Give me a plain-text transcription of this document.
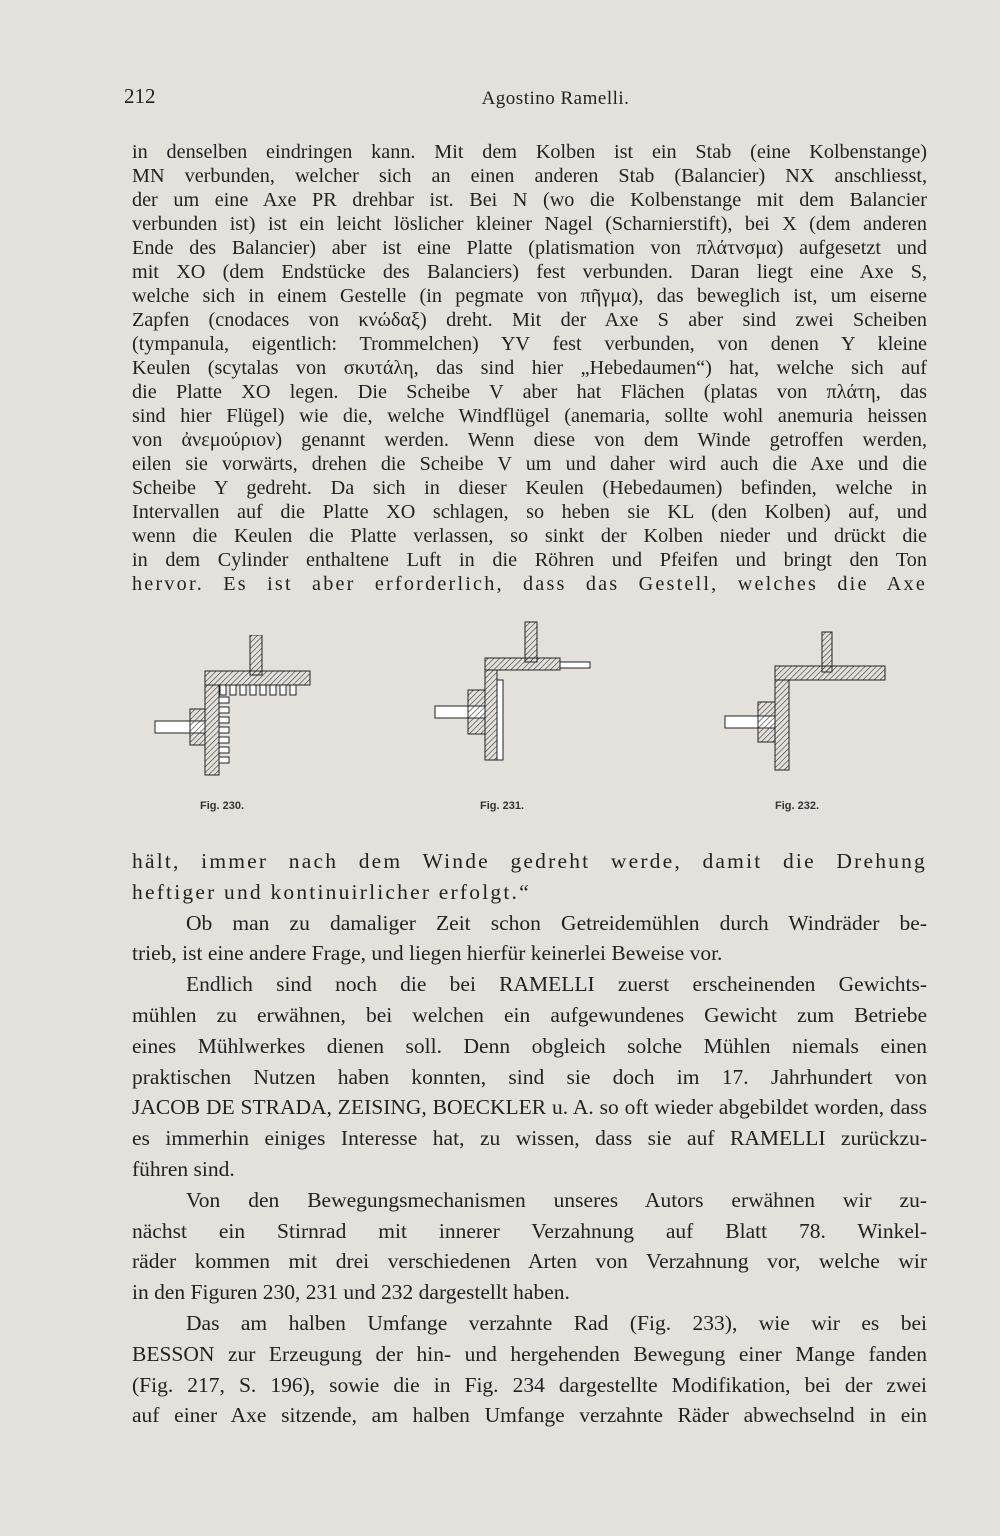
212	Agostino Ramelli.
in denselben eindringen kann. Mit dem Kolben ist ein Stab (eine Kolbenstange)
MN verbunden, welcher sich an einen anderen Stab (Balancier) NX anschliesst,
der um eine Axe PR drehbar ist. Bei N (wo die Kolbenstange mit dem Balancier
verbunden ist) ist ein leicht löslicher kleiner Nagel (Scharnierstift), bei X (dem anderen
Ende des Balancier) aber ist eine Platte (platismation von πλάτνσμα) aufgesetzt und
mit XO (dem Endstücke des Balanciers) fest verbunden. Daran liegt eine Axe S,
welche sich in einem Gestelle (in pegmate von πῆγμα), das beweglich ist, um eiserne
Zapfen (cnodaces von κνώδαξ) dreht. Mit der Axe S aber sind zwei Scheiben
(tympanula, eigentlich: Trommelchen) YV fest verbunden, von denen Y kleine
Keulen (scytalas von σκυτάλη, das sind hier „Hebedaumen“) hat, welche sich auf
die Platte XO legen. Die Scheibe V aber hat Flächen (platas von πλάτη, das
sind hier Flügel) wie die, welche Windflügel (anemaria, sollte wohl anemuria heissen
von ἀνεμούριον) genannt werden. Wenn diese von dem Winde getroffen werden,
eilen sie vorwärts, drehen die Scheibe V um und daher wird auch die Axe und die
Scheibe Y gedreht. Da sich in dieser Keulen (Hebedaumen) befinden, welche in
Intervallen auf die Platte XO schlagen, so heben sie KL (den Kolben) auf, und
wenn die Keulen die Platte verlassen, so sinkt der Kolben nieder und drückt die
in dem Cylinder enthaltene Luft in die Röhren und Pfeifen und bringt den Ton
hervor. Es ist aber erforderlich, dass das Gestell, welches die Axe
Fig. 230.	Fig. 231.	Fig. 232.
hält, immer nach dem Winde gedreht werde, damit die Drehung
heftiger und kontinuirlicher erfolgt.“
Ob man zu damaliger Zeit schon Getreidemühlen durch Windräder be-
trieb, ist eine andere Frage, und liegen hierfür keinerlei Beweise vor.
Endlich sind noch die bei RAMELLI zuerst erscheinenden Gewichts-
mühlen zu erwähnen, bei welchen ein aufgewundenes Gewicht zum Betriebe
eines Mühlwerkes dienen soll. Denn obgleich solche Mühlen niemals einen
praktischen Nutzen haben konnten, sind sie doch im 17. Jahrhundert von
JACOB DE STRADA, ZEISING, BOECKLER u. A. so oft wieder abgebildet worden, dass
es immerhin einiges Interesse hat, zu wissen, dass sie auf RAMELLI zurückzu-
führen sind.
Von den Bewegungsmechanismen unseres Autors erwähnen wir zu-
nächst ein Stirnrad mit innerer Verzahnung auf Blatt 78. Winkel-
räder kommen mit drei verschiedenen Arten von Verzahnung vor, welche wir
in den Figuren 230, 231 und 232 dargestellt haben.
Das am halben Umfange verzahnte Rad (Fig. 233), wie wir es bei
BESSON zur Erzeugung der hin- und hergehenden Bewegung einer Mange fanden
(Fig. 217, S. 196), sowie die in Fig. 234 dargestellte Modifikation, bei der zwei
auf einer Axe sitzende, am halben Umfange verzahnte Räder abwechselnd in ein
